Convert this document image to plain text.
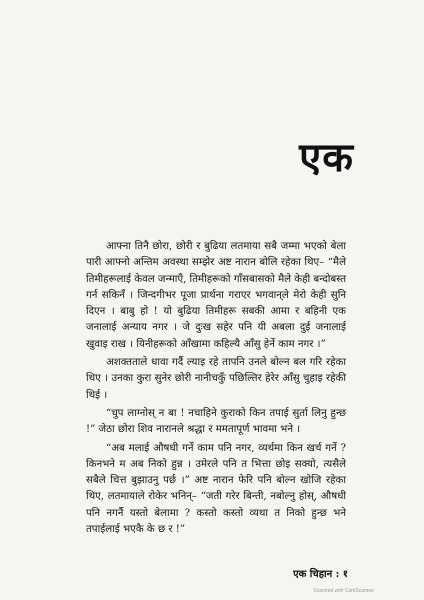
एक

आफ्ना तिनै छोरा, छोरी र बुढिया लतमाया सबै जम्मा भएको बेला पारी आफ्नो अन्तिम अवस्था सम्झेर अष्ट नारान बोलि रहेका थिए– “मैले तिमीहरूलाई केवल जन्माएँ, तिमीहरूको गाँसबासको मैले केही बन्दोबस्त गर्न सकिनँ । जिन्दगीभर पूजा प्रार्थना गराएर भगवान्‌ले मेरो केही सुनि दिएन । बाबु हो ! यो बुढिया तिमीहरू सबकी आमा र बहिनी एक जनालाई अन्याय नगर । जे दुःख सहेर पनि यी अबला दुई जनालाई खुवाइ राख । यिनीहरूको आँखामा कहिल्यै आँसु हेर्ने काम नगर ।”

अशक्तताले धावा गर्दै ल्याइ रहे तापनि उनले बोल्न बल गरि रहेका थिए । उनका कुरा सुनेर छोरी नानीचकुँ पछिल्तिर हेरेर आँसु चुहाइ रहेकी थिई ।

“चुप लाग्नोस् न बा ! नचाहिने कुराको किन तपाई सुर्ता लिनु हुन्छ !” जेठा छोरा शिव नारानले श्रद्धा र ममतापूर्ण भावमा भने ।

“अब मलाई औषधी गर्ने काम पनि नगर, व्यर्थमा किन खर्च गर्ने ? किनभने म अब निको हुन्न । उमेरले पनि त भित्ता छोइ सक्यो, त्यसैले सबैले चित्त बुझाउनु पर्छ ।” अष्ट नारान फेरि पनि बोल्न खोजि रहेका थिए, लतमायाले रोकेर भनिन्– “जती गरेर बिन्ती, नबोल्नु होस्, औषधी पनि नगर्नै यस्तो बेलामा ? कस्तो कस्तो व्यथा त निको हुन्छ भने तपाईलाई भएकै के छ र !”

एक चिहान : १
Scanned with CamScanner
